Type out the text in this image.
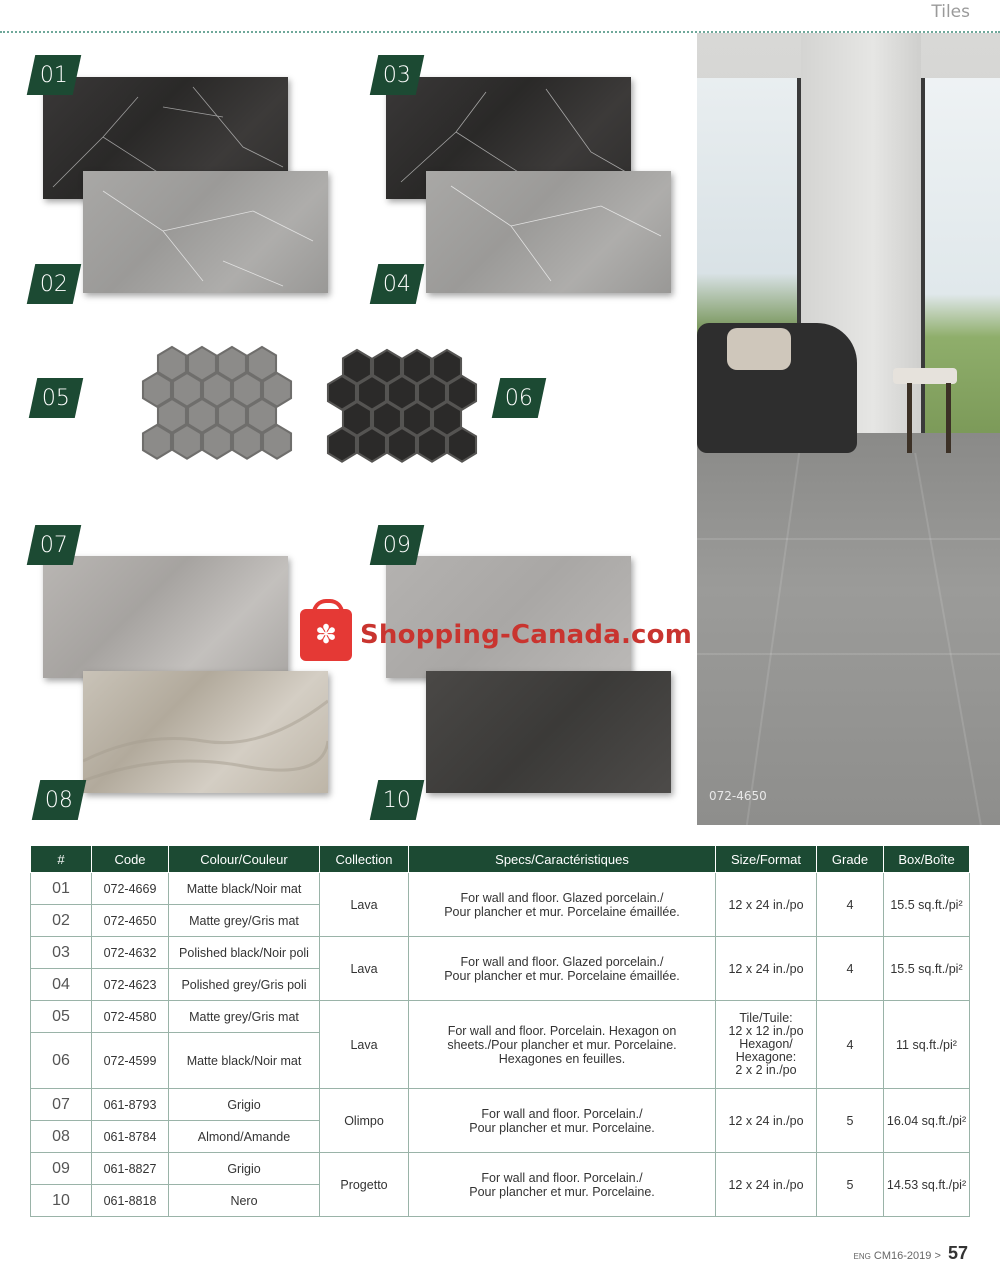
Tiles
072-4650
01
02
03
04
05	06
07
08
09
10
✽ Shopping-Canada.com
#	Code	Colour/Couleur	Collection	Specs/Caractéristiques	Size/Format	Grade	Box/Boîte
01	072-4669	Matte black/Noir mat	Lava	For wall and floor. Glazed porcelain./
Pour plancher et mur. Porcelaine émaillée.	12 x 24 in./po	4	15.5 sq.ft./pi²
02	072-4650	Matte grey/Gris mat					
03	072-4632	Polished black/Noir poli	Lava	For wall and floor. Glazed porcelain./
Pour plancher et mur. Porcelaine émaillée.	12 x 24 in./po	4	15.5 sq.ft./pi²
04	072-4623	Polished grey/Gris poli					
05	072-4580	Matte grey/Gris mat	Lava	For wall and floor. Porcelain. Hexagon on
sheets./Pour plancher et mur. Porcelaine.
Hexagones en feuilles.	Tile/Tuile:
12 x 12 in./po
Hexagon/
Hexagone:
2 x 2 in./po	4	11 sq.ft./pi²
06	072-4599	Matte black/Noir mat					
07	061-8793	Grigio	Olimpo	For wall and floor. Porcelain./
Pour plancher et mur. Porcelaine.	12 x 24 in./po	5	16.04 sq.ft./pi²
08	061-8784	Almond/Amande					
09	061-8827	Grigio	Progetto	For wall and floor. Porcelain./
Pour plancher et mur. Porcelaine.	12 x 24 in./po	5	14.53 sq.ft./pi²
10	061-8818	Nero					
ENG CM16-2019 > 57
